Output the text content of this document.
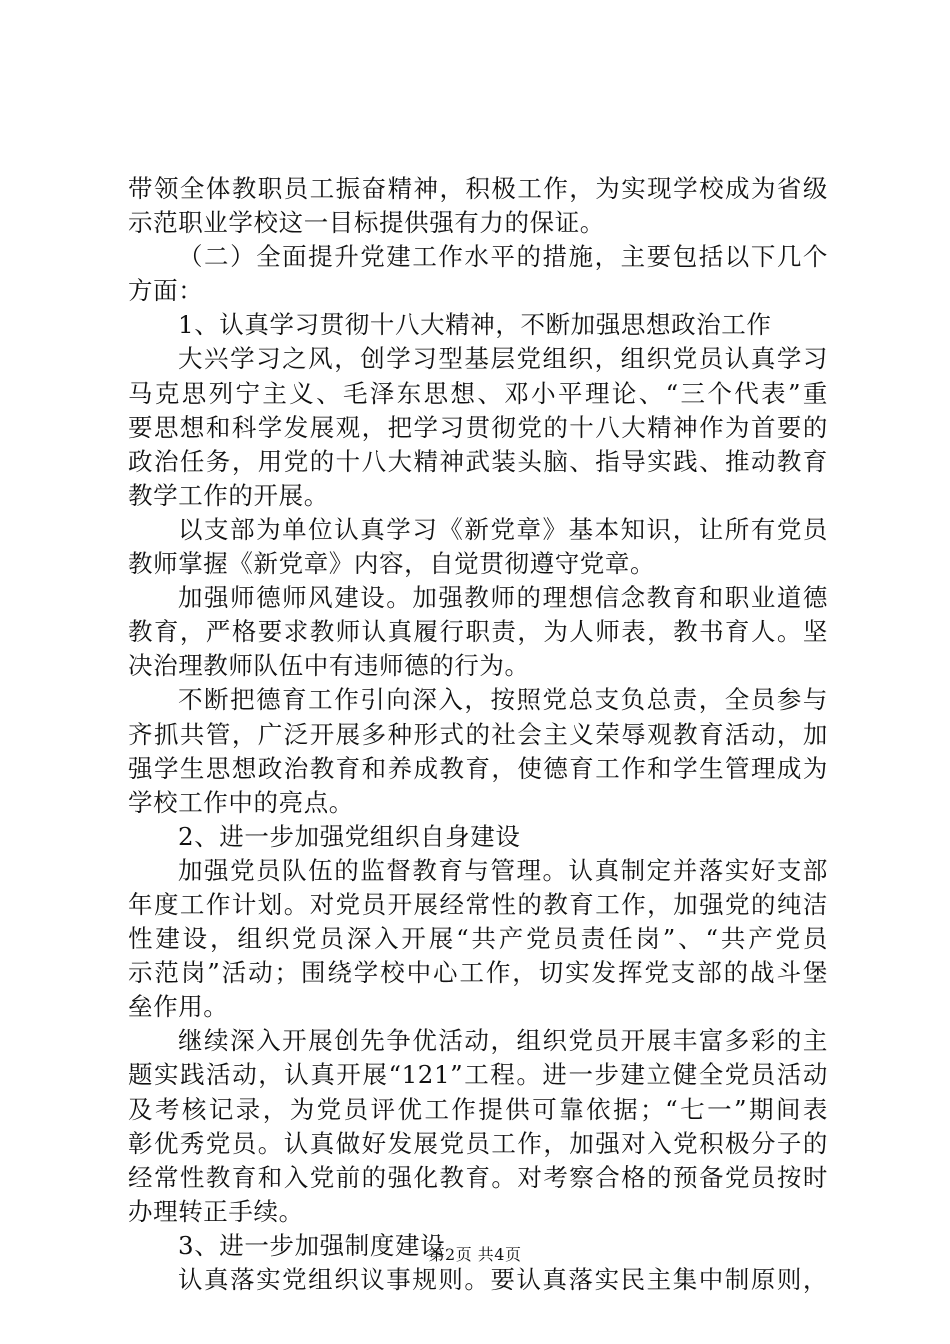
带领全体教职员工振奋精神，积极工作，为实现学校成为省级
示范职业学校这一目标提供强有力的保证。
（二）全面提升党建工作水平的措施，主要包括以下几个
方面：
1、认真学习贯彻十八大精神，不断加强思想政治工作
大兴学习之风，创学习型基层党组织，组织党员认真学习
马克思列宁主义、毛泽东思想、邓小平理论、“三个代表”重
要思想和科学发展观，把学习贯彻党的十八大精神作为首要的
政治任务，用党的十八大精神武装头脑、指导实践、推动教育
教学工作的开展。
以支部为单位认真学习《新党章》基本知识，让所有党员
教师掌握《新党章》内容，自觉贯彻遵守党章。
加强师德师风建设。加强教师的理想信念教育和职业道德
教育，严格要求教师认真履行职责，为人师表，教书育人。坚
决治理教师队伍中有违师德的行为。
不断把德育工作引向深入，按照党总支负总责，全员参与
齐抓共管，广泛开展多种形式的社会主义荣辱观教育活动，加
强学生思想政治教育和养成教育，使德育工作和学生管理成为
学校工作中的亮点。
2、进一步加强党组织自身建设
加强党员队伍的监督教育与管理。认真制定并落实好支部
年度工作计划。对党员开展经常性的教育工作，加强党的纯洁
性建设，组织党员深入开展“共产党员责任岗”、“共产党员
示范岗”活动；围绕学校中心工作，切实发挥党支部的战斗堡
垒作用。
继续深入开展创先争优活动，组织党员开展丰富多彩的主
题实践活动，认真开展“121”工程。进一步建立健全党员活动
及考核记录，为党员评优工作提供可靠依据；“七一”期间表
彰优秀党员。认真做好发展党员工作，加强对入党积极分子的
经常性教育和入党前的强化教育。对考察合格的预备党员按时
办理转正手续。
3、进一步加强制度建设
认真落实党组织议事规则。要认真落实民主集中制原则，
第2页 共4页
